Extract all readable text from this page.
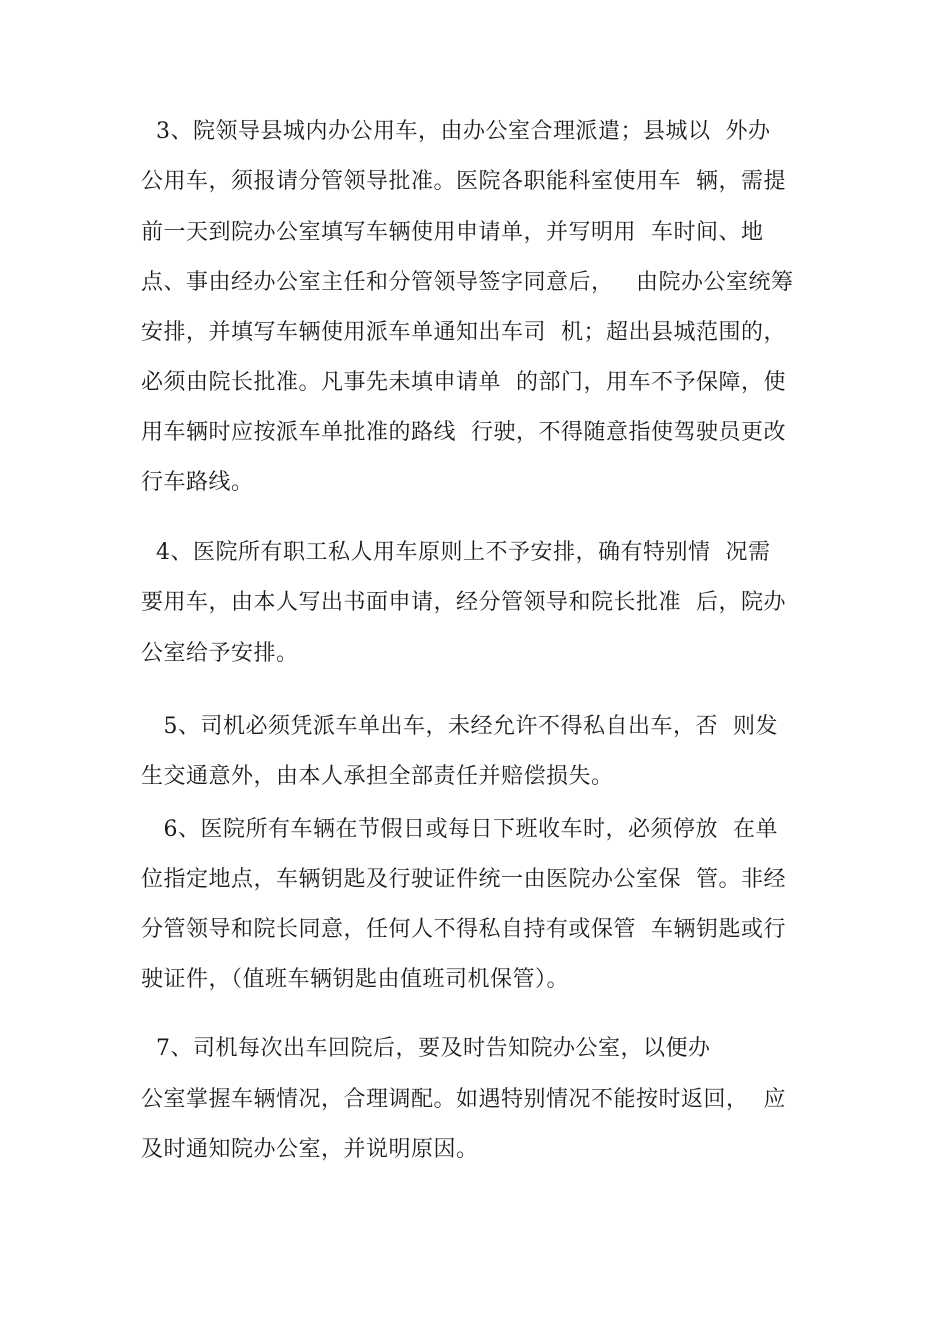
3、院领导县城内办公用车，由办公室合理派遣；县城以  外办
公用车，须报请分管领导批准。医院各职能科室使用车  辆，需提
前一天到院办公室填写车辆使用申请单，并写明用  车时间、地
点、事由经办公室主任和分管领导签字同意后，   由院办公室统筹
安排，并填写车辆使用派车单通知出车司  机；超出县城范围的，
必须由院长批准。凡事先未填申请单  的部门，用车不予保障，使
用车辆时应按派车单批准的路线  行驶，不得随意指使驾驶员更改
行车路线。
4、医院所有职工私人用车原则上不予安排，确有特别情  况需
要用车，由本人写出书面申请，经分管领导和院长批准  后，院办
公室给予安排。
5、司机必须凭派车单出车，未经允许不得私自出车，否  则发
生交通意外，由本人承担全部责任并赔偿损失。
6、医院所有车辆在节假日或每日下班收车时，必须停放  在单
位指定地点，车辆钥匙及行驶证件统一由医院办公室保  管。非经
分管领导和院长同意，任何人不得私自持有或保管  车辆钥匙或行
驶证件，（值班车辆钥匙由值班司机保管）。
7、司机每次出车回院后，要及时告知院办公室，以便办
公室掌握车辆情况，合理调配。如遇特别情况不能按时返回，  应
及时通知院办公室，并说明原因。
